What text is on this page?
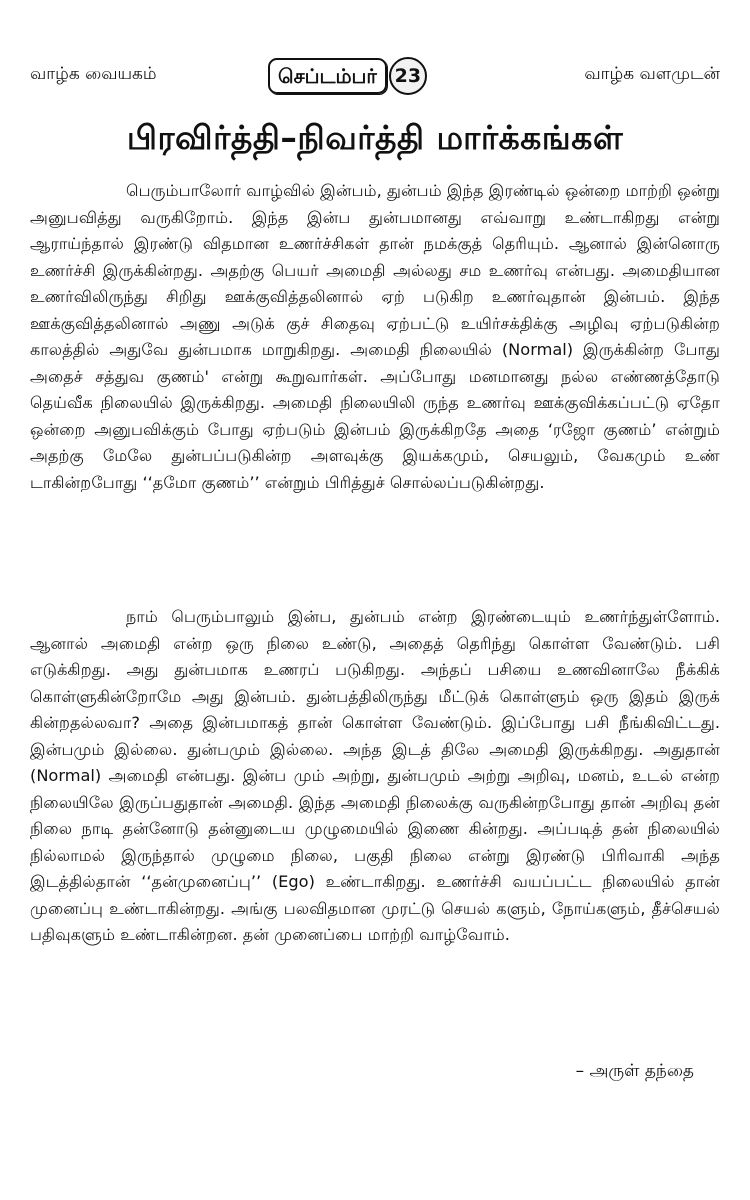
வாழ்க வையகம்	செப்டம்பர் 23	வாழ்க வளமுடன்
பிரவிர்த்தி–நிவர்த்தி மார்க்கங்கள்

பெரும்பாலோர் வாழ்வில் இன்பம், துன்பம் இந்த இரண்டில் ஒன்றை மாற்றி ஒன்று அனுபவித்து வருகிறோம். இந்த இன்ப துன்பமானது எவ்வாறு உண்டாகிறது என்று ஆராய்ந்தால் இரண்டு விதமான உணர்ச்சிகள் தான் நமக்குத் தெரியும். ஆனால் இன்னொரு உணர்ச்சி இருக்கின்றது. அதற்கு பெயர் அமைதி அல்லது சம உணர்வு என்பது. அமைதியான உணர்விலிருந்து சிறிது ஊக்குவித்தலினால் ஏற் படுகிற உணர்வுதான் இன்பம். இந்த ஊக்குவித்தலினால் அணு அடுக் குச் சிதைவு ஏற்பட்டு உயிர்சக்திக்கு அழிவு ஏற்படுகின்ற காலத்தில் அதுவே துன்பமாக மாறுகிறது. அமைதி நிலையில் (Normal) இருக்கின்ற போது அதைச் சத்துவ குணம்' என்று கூறுவார்கள். அப்போது மனமானது நல்ல எண்ணத்தோடு தெய்வீக நிலையில் இருக்கிறது. அமைதி நிலையிலி ருந்த உணர்வு ஊக்குவிக்கப்பட்டு ஏதோ ஒன்றை அனுபவிக்கும் போது ஏற்படும் இன்பம் இருக்கிறதே அதை ‘ரஜோ குணம்’ என்றும் அதற்கு மேலே துன்பப்படுகின்ற அளவுக்கு இயக்கமும், செயலும், வேகமும் உண் டாகின்றபோது ‘‘தமோ குணம்’’ என்றும் பிரித்துச் சொல்லப்படுகின்றது.

நாம் பெரும்பாலும் இன்ப, துன்பம் என்ற இரண்டையும் உணர்ந்துள்ளோம். ஆனால் அமைதி என்ற ஒரு நிலை உண்டு, அதைத் தெரிந்து கொள்ள வேண்டும். பசி எடுக்கிறது. அது துன்பமாக உணரப் படுகிறது. அந்தப் பசியை உணவினாலே நீக்கிக் கொள்ளுகின்றோமே அது இன்பம். துன்பத்திலிருந்து மீட்டுக் கொள்ளும் ஒரு இதம் இருக் கின்றதல்லவா? அதை இன்பமாகத் தான் கொள்ள வேண்டும். இப்போது பசி நீங்கிவிட்டது. இன்பமும் இல்லை. துன்பமும் இல்லை. அந்த இடத் திலே அமைதி இருக்கிறது. அதுதான் (Normal) அமைதி என்பது. இன்ப மும் அற்று, துன்பமும் அற்று அறிவு, மனம், உடல் என்ற நிலையிலே இருப்பதுதான் அமைதி. இந்த அமைதி நிலைக்கு வருகின்றபோது தான் அறிவு தன் நிலை நாடி தன்னோடு தன்னுடைய முழுமையில் இணை கின்றது. அப்படித் தன் நிலையில் நில்லாமல் இருந்தால் முழுமை நிலை, பகுதி நிலை என்று இரண்டு பிரிவாகி அந்த இடத்தில்தான் ‘‘தன்முனைப்பு’’ (Ego) உண்டாகிறது. உணர்ச்சி வயப்பட்ட நிலையில் தான் முனைப்பு உண்டாகின்றது. அங்கு பலவிதமான முரட்டு செயல் களும், நோய்களும், தீச்செயல் பதிவுகளும் உண்டாகின்றன. தன் முனைப்பை மாற்றி வாழ்வோம்.

– அருள் தந்தை
